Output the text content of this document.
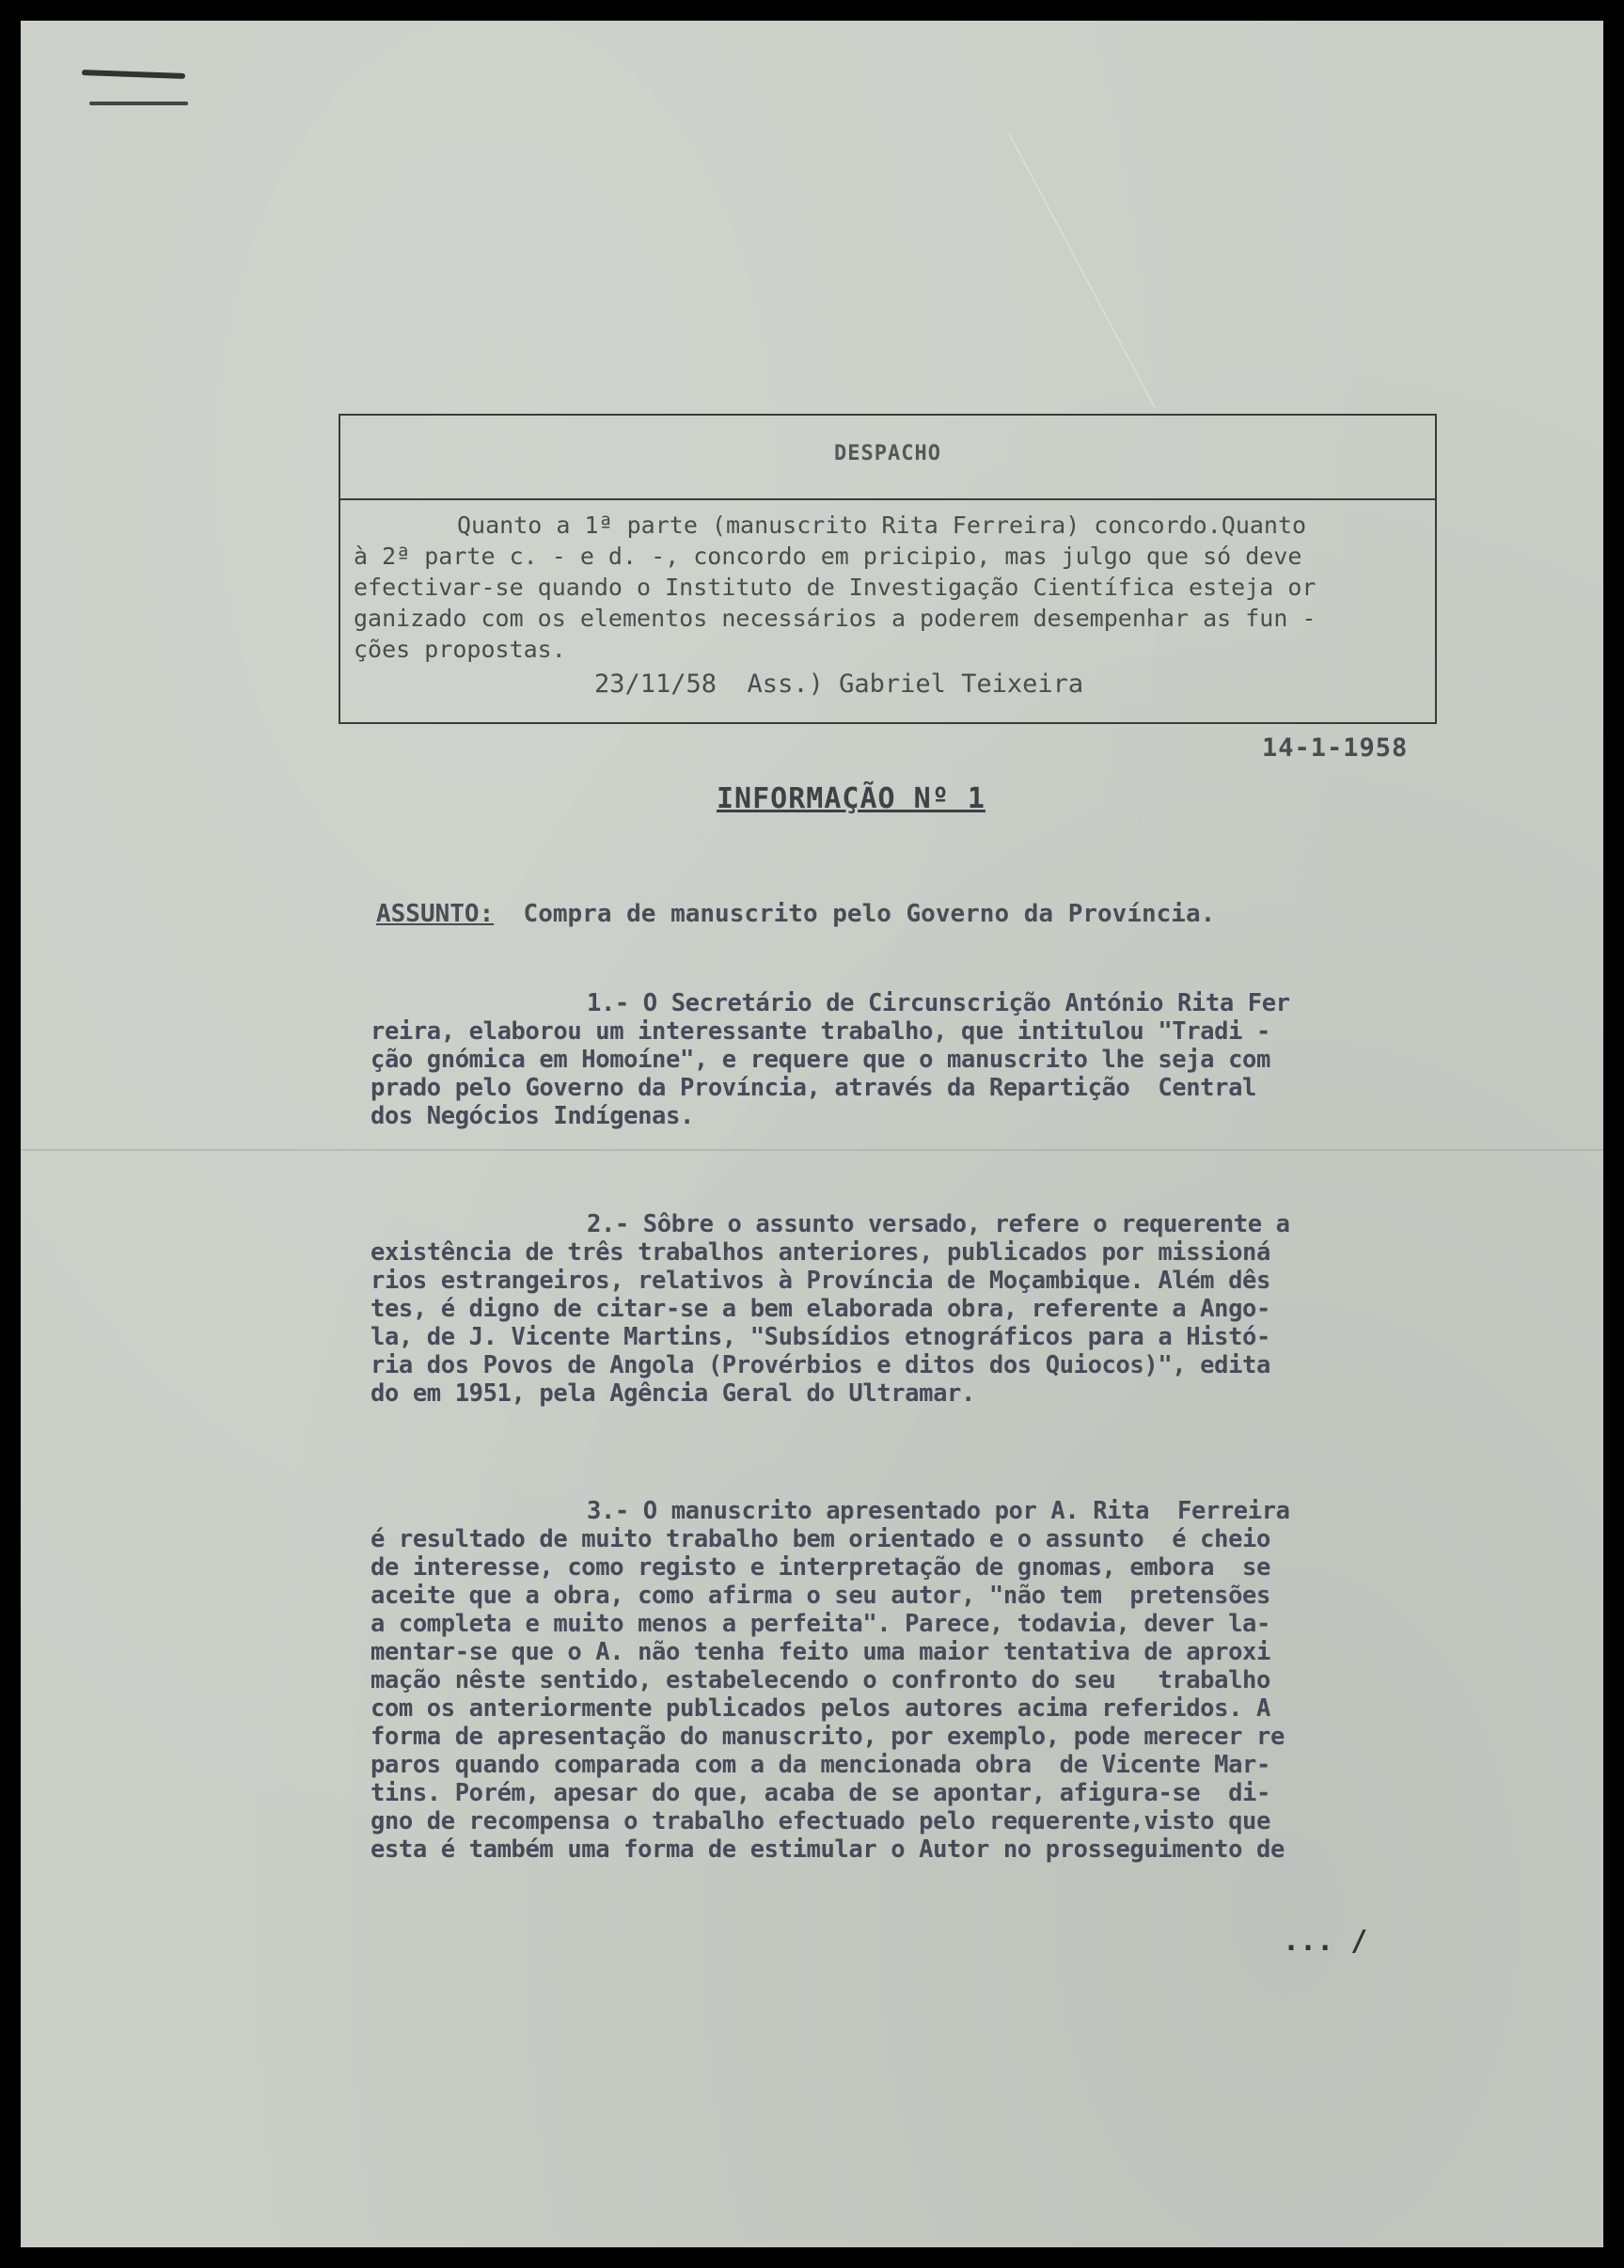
DESPACHO
Quanto a 1ª parte (manuscrito Rita Ferreira) concordo.Quanto
à 2ª parte c. - e d. -, concordo em pricipio, mas julgo que só deve
efectivar-se quando o Instituto de Investigação Científica esteja or
ganizado com os elementos necessários a poderem desempenhar as fun -
ções propostas.
23/11/58  Ass.) Gabriel Teixeira
14-1-1958
INFORMAÇÃO Nº 1
ASSUNTO: Compra de manuscrito pelo Governo da Província.
1.- O Secretário de Circunscrição António Rita Fer
reira, elaborou um interessante trabalho, que intitulou "Tradi -
ção gnómica em Homoíne", e requere que o manuscrito lhe seja com
prado pelo Governo da Província, através da Repartição  Central
dos Negócios Indígenas.
2.- Sôbre o assunto versado, refere o requerente a
existência de três trabalhos anteriores, publicados por missioná
rios estrangeiros, relativos à Província de Moçambique. Além dês
tes, é digno de citar-se a bem elaborada obra, referente a Ango-
la, de J. Vicente Martins, "Subsídios etnográficos para a Histó-
ria dos Povos de Angola (Provérbios e ditos dos Quiocos)", edita
do em 1951, pela Agência Geral do Ultramar.
3.- O manuscrito apresentado por A. Rita  Ferreira
é resultado de muito trabalho bem orientado e o assunto  é cheio
de interesse, como registo e interpretação de gnomas, embora  se
aceite que a obra, como afirma o seu autor, "não tem  pretensões
a completa e muito menos a perfeita". Parece, todavia, dever la-
mentar-se que o A. não tenha feito uma maior tentativa de aproxi
mação nêste sentido, estabelecendo o confronto do seu   trabalho
com os anteriormente publicados pelos autores acima referidos. A
forma de apresentação do manuscrito, por exemplo, pode merecer re
paros quando comparada com a da mencionada obra  de Vicente Mar-
tins. Porém, apesar do que, acaba de se apontar, afigura-se  di-
gno de recompensa o trabalho efectuado pelo requerente,visto que
esta é também uma forma de estimular o Autor no prosseguimento de
... /
